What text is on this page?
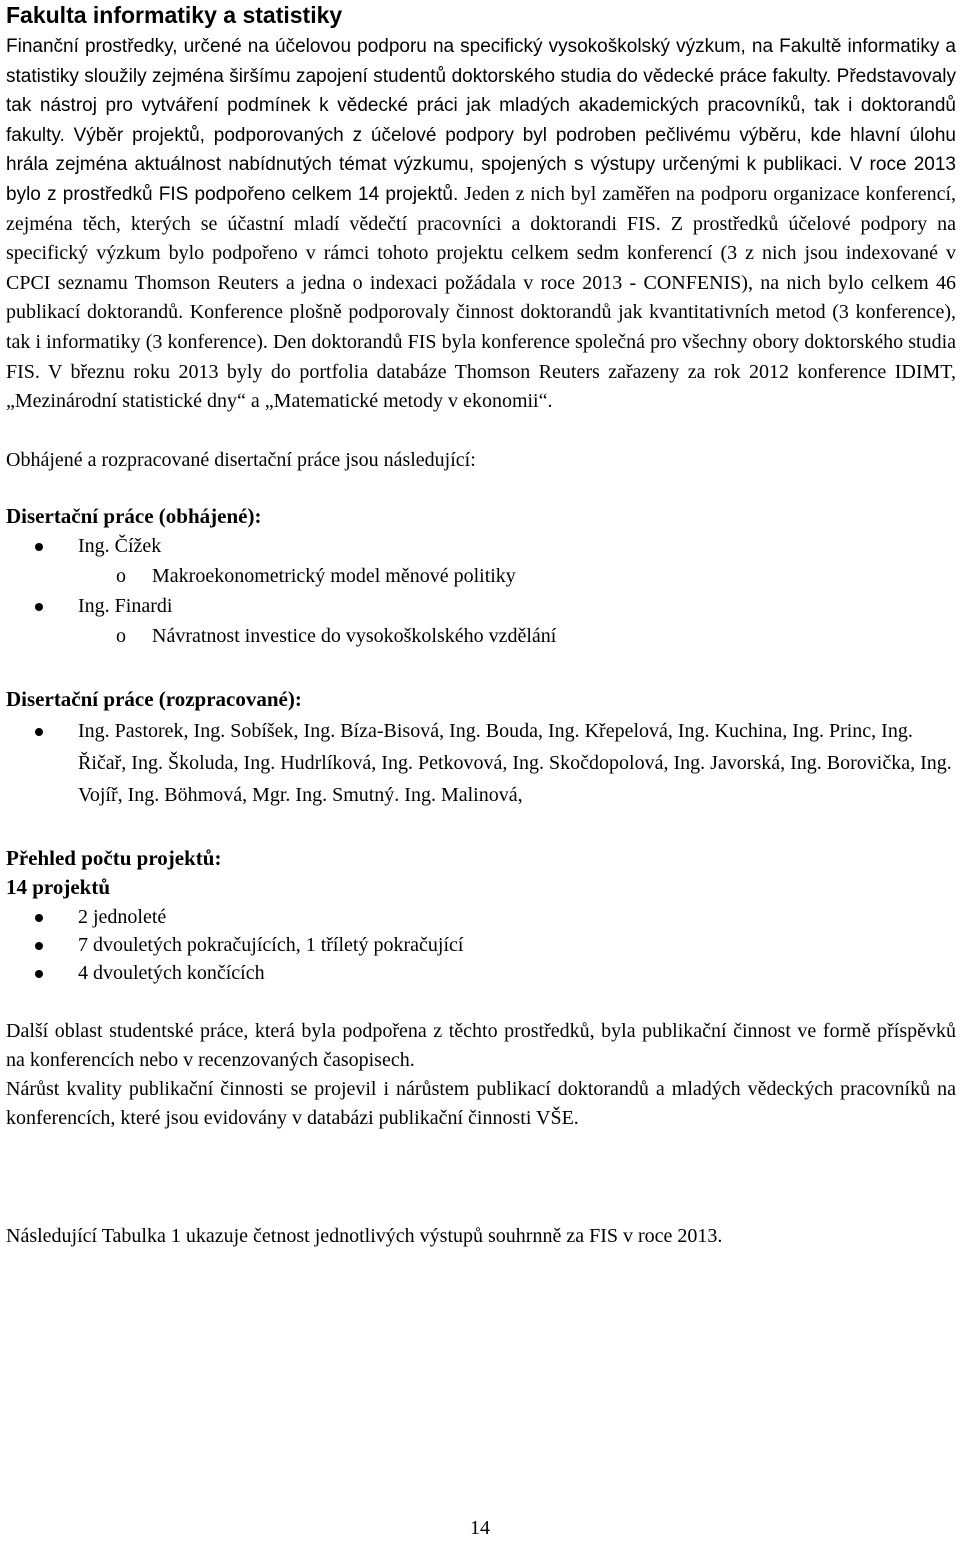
Fakulta informatiky a statistiky

Finanční prostředky, určené na účelovou podporu na specifický vysokoškolský výzkum, na Fakultě informatiky a statistiky sloužily zejména širšímu zapojení studentů doktorského studia do vědecké práce fakulty. Představovaly tak nástroj pro vytváření podmínek k vědecké práci jak mladých akademických pracovníků, tak i doktorandů fakulty. Výběr projektů, podporovaných z účelové podpory byl podroben pečlivému výběru, kde hlavní úlohu hrála zejména aktuálnost nabídnutých témat výzkumu, spojených s výstupy určenými k publikaci. V roce 2013 bylo z prostředků FIS podpořeno celkem 14 projektů. Jeden z nich byl zaměřen na podporu organizace konferencí, zejména těch, kterých se účastní mladí vědečtí pracovníci a doktorandi FIS. Z prostředků účelové podpory na specifický výzkum bylo podpořeno v rámci tohoto projektu celkem sedm konferencí (3 z nich jsou indexované v CPCI seznamu Thomson Reuters a jedna o indexaci požádala v roce 2013 - CONFENIS), na nich bylo celkem 46 publikací doktorandů. Konference plošně podporovaly činnost doktorandů jak kvantitativních metod (3 konference), tak i informatiky (3 konference). Den doktorandů FIS byla konference společná pro všechny obory doktorského studia FIS. V březnu roku 2013 byly do portfolia databáze Thomson Reuters zařazeny za rok 2012 konference IDIMT, „Mezinárodní statistické dny“ a „Matematické metody v ekonomii“.

Obhájené a rozpracované disertační práce jsou následující:

Disertační práce (obhájené):
Ing. Čížek
o Makroekonometrický model měnové politiky
Ing. Finardi
o Návratnost investice do vysokoškolského vzdělání
Disertační práce (rozpracované):
Ing. Pastorek, Ing. Sobíšek, Ing. Bíza-Bisová, Ing. Bouda, Ing. Křepelová, Ing. Kuchina, Ing. Princ, Ing. Řičař, Ing. Školuda, Ing. Hudrlíková, Ing. Petkovová, Ing. Skočdopolová, Ing. Javorská, Ing. Borovička, Ing. Vojíř, Ing. Böhmová, Mgr. Ing. Smutný. Ing. Malinová,
Přehled počtu projektů:
14 projektů
2 jednoleté
7 dvouletých pokračujících, 1 tříletý pokračující
4 dvouletých končících

Další oblast studentské práce, která byla podpořena z těchto prostředků, byla publikační činnost ve formě příspěvků na konferencích nebo v recenzovaných časopisech.

Nárůst kvality publikační činnosti se projevil i nárůstem publikací doktorandů a mladých vědeckých pracovníků na konferencích, které jsou evidovány v databázi publikační činnosti VŠE.

Následující Tabulka 1 ukazuje četnost jednotlivých výstupů souhrnně za FIS v roce 2013.

14
